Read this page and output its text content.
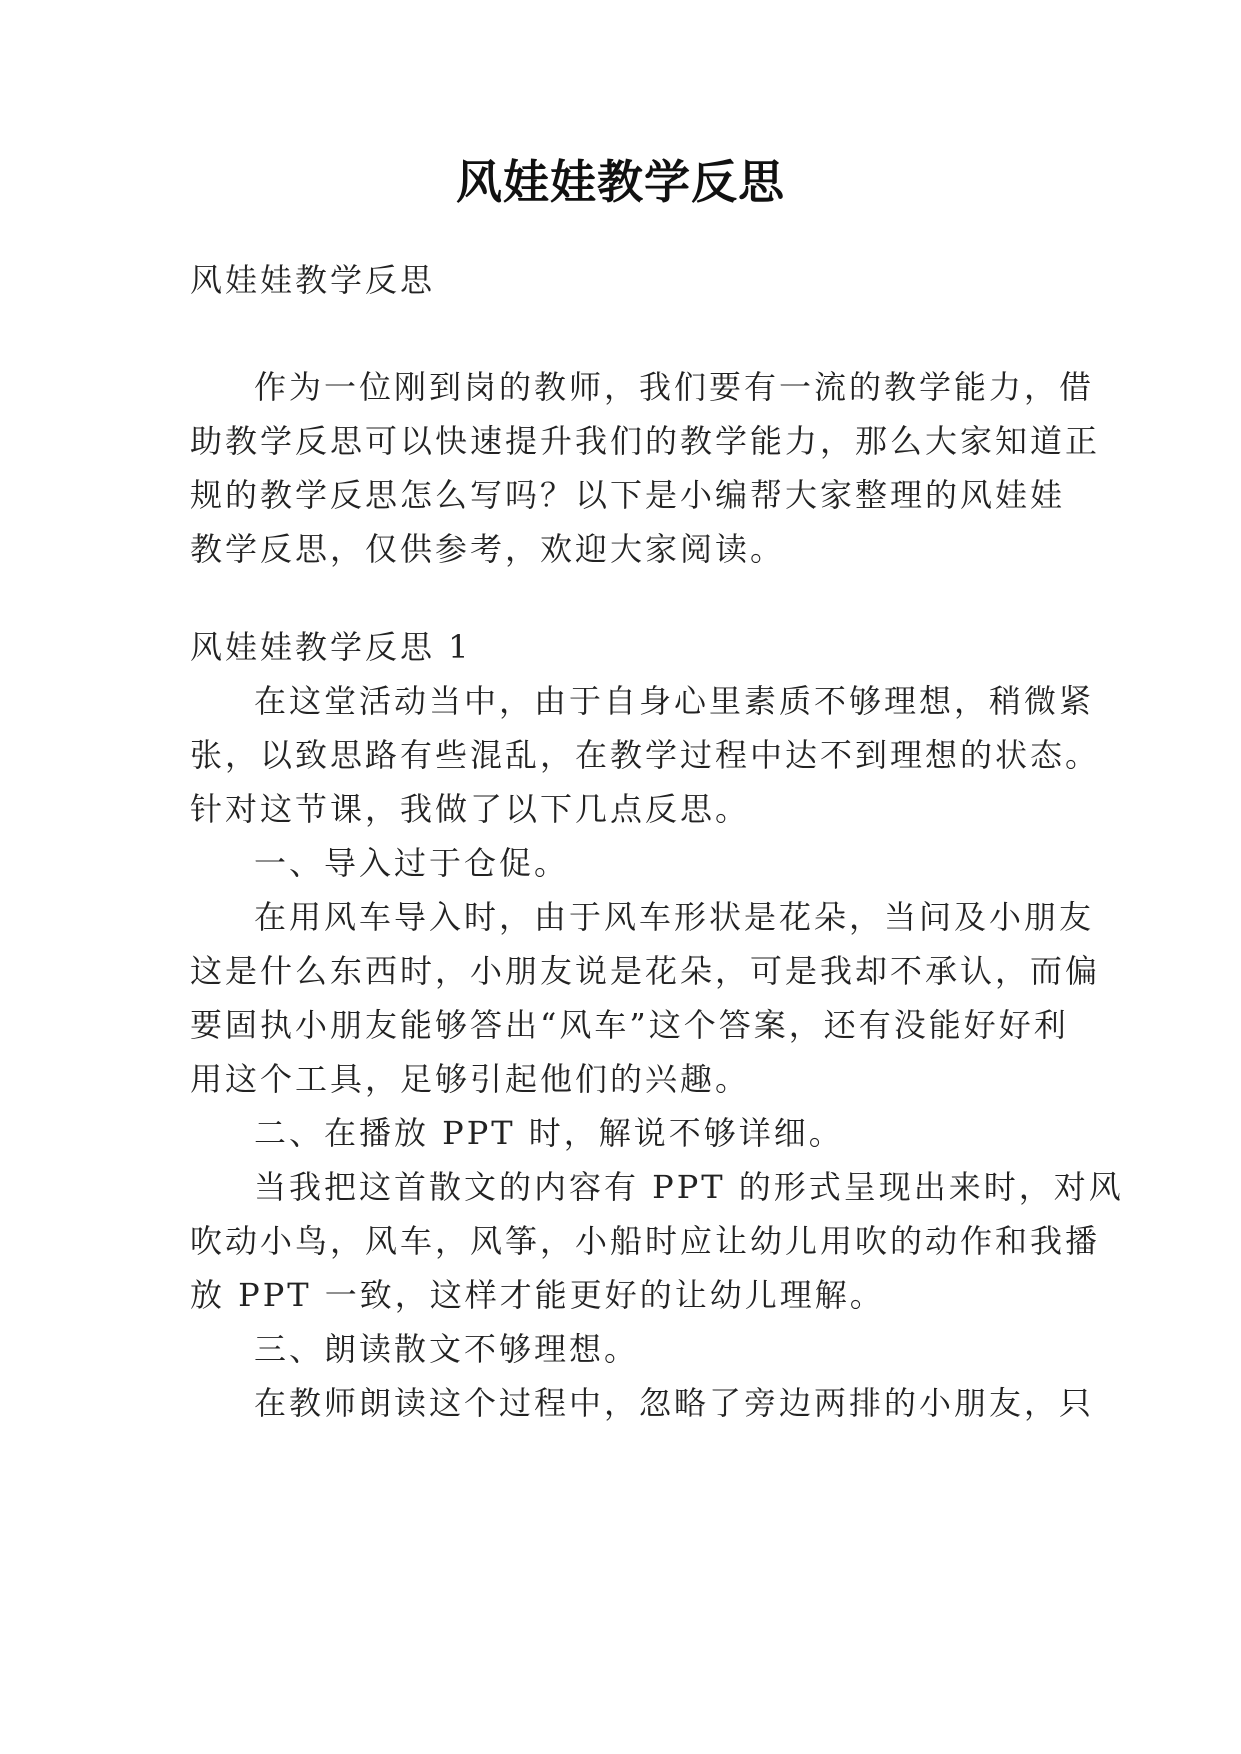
风娃娃教学反思
风娃娃教学反思
作为一位刚到岗的教师，我们要有一流的教学能力，借
助教学反思可以快速提升我们的教学能力，那么大家知道正
规的教学反思怎么写吗？以下是小编帮大家整理的风娃娃
教学反思，仅供参考，欢迎大家阅读。
风娃娃教学反思 1
在这堂活动当中，由于自身心里素质不够理想，稍微紧
张，以致思路有些混乱，在教学过程中达不到理想的状态。
针对这节课，我做了以下几点反思。
一、导入过于仓促。
在用风车导入时，由于风车形状是花朵，当问及小朋友
这是什么东西时，小朋友说是花朵，可是我却不承认，而偏
要固执小朋友能够答出“风车”这个答案，还有没能好好利
用这个工具，足够引起他们的兴趣。
二、在播放 PPT 时，解说不够详细。
当我把这首散文的内容有 PPT 的形式呈现出来时，对风
吹动小鸟，风车，风筝，小船时应让幼儿用吹的动作和我播
放 PPT 一致，这样才能更好的让幼儿理解。
三、朗读散文不够理想。
在教师朗读这个过程中，忽略了旁边两排的小朋友，只
